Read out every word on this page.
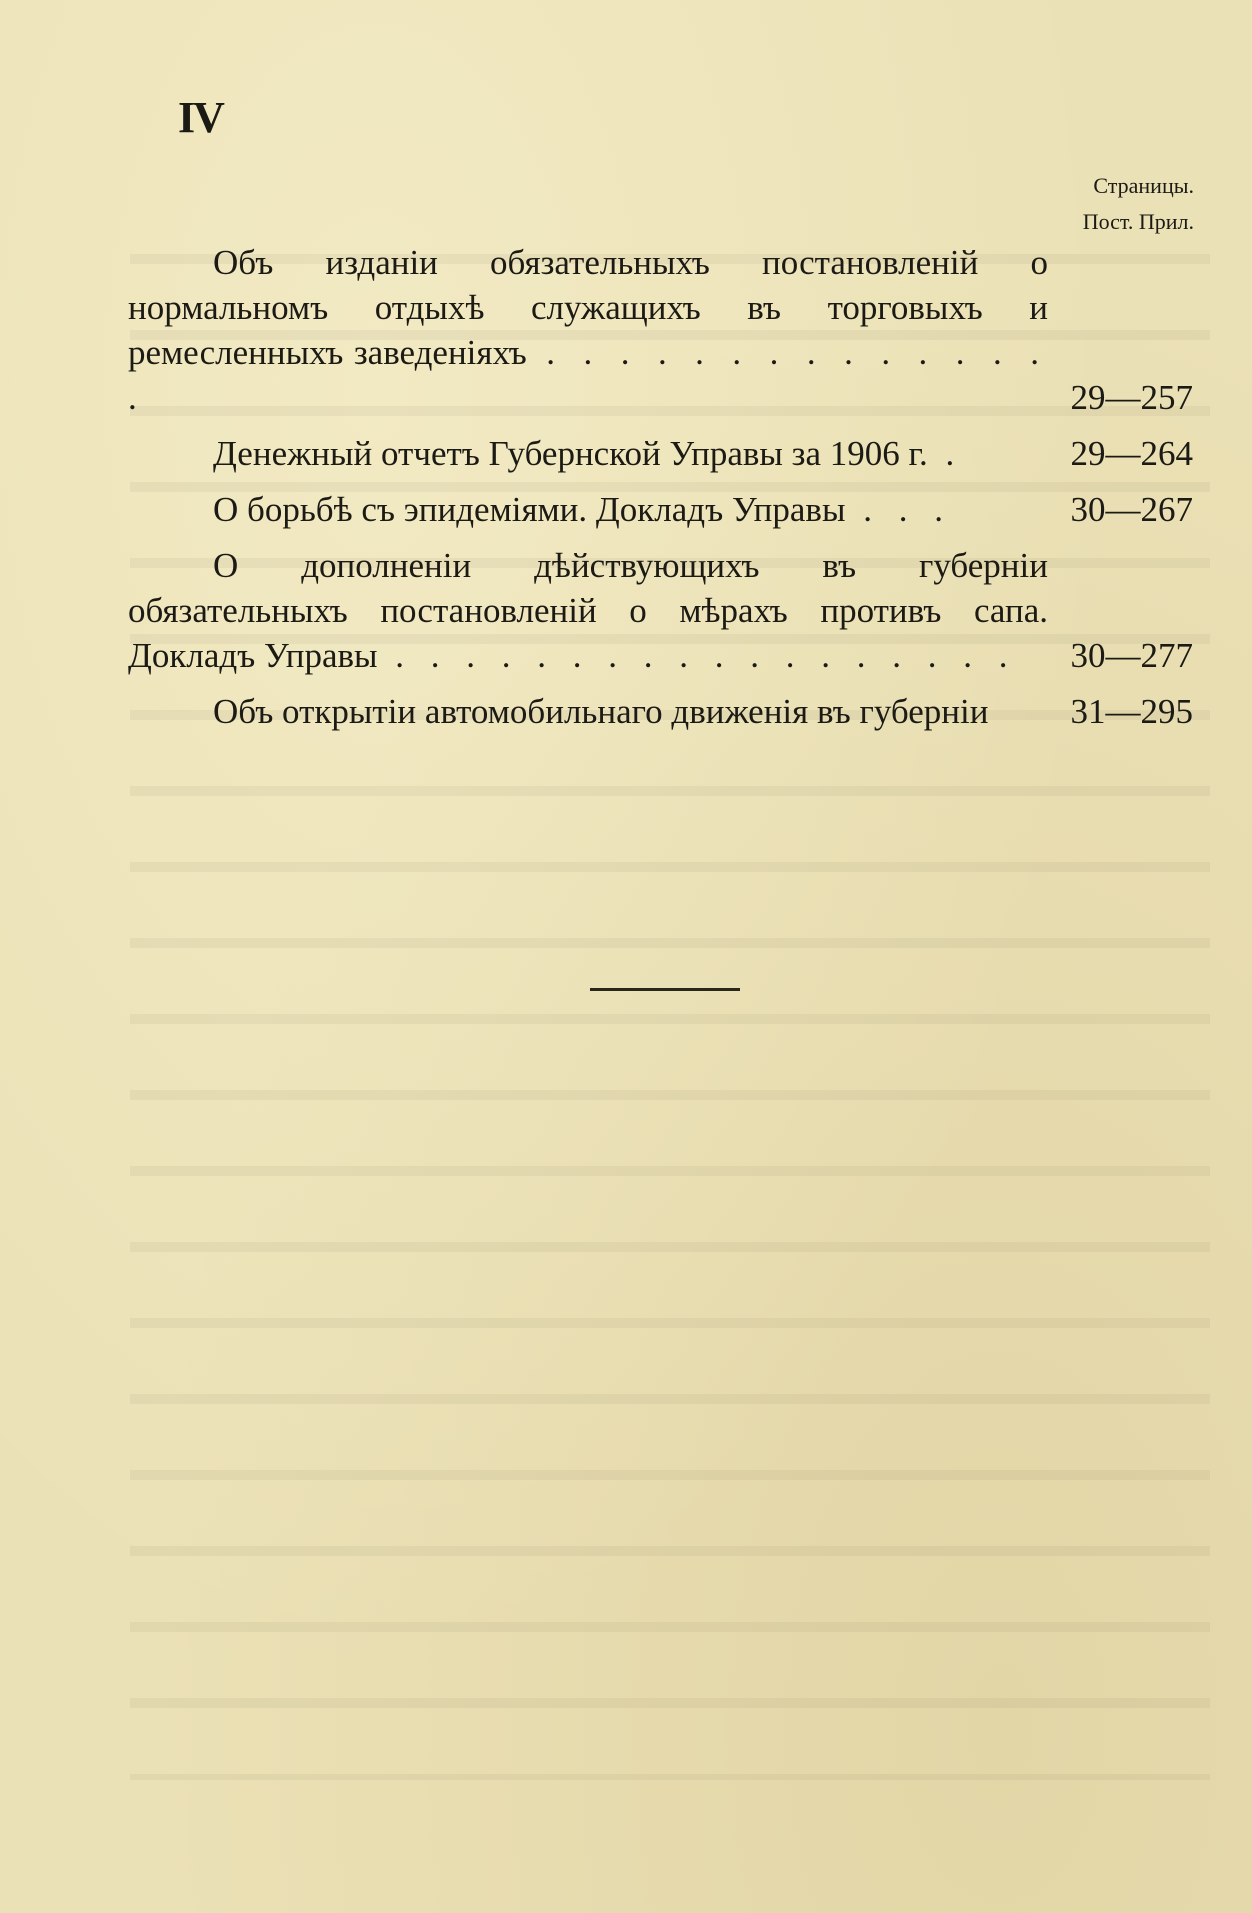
IV
Страницы.
Пост. Прил.
Объ изданіи обязательныхъ постановленій о нормальномъ отдыхѣ служащихъ въ торговыхъ и ремесленныхъ заведеніяхъ . . . . . . . . . . . . . . .	29—257
Денежный отчетъ Губернской Управы за 1906 г. .	29—264
О борьбѣ съ эпидеміями. Докладъ Управы . . .	30—267
О дополненіи дѣйствующихъ въ губерніи обязательныхъ постановленій о мѣрахъ противъ сапа. Докладъ Управы . . . . . . . . . . . . . . . . . .	30—277
Объ открытіи автомобильнаго движенія въ губерніи	31—295
